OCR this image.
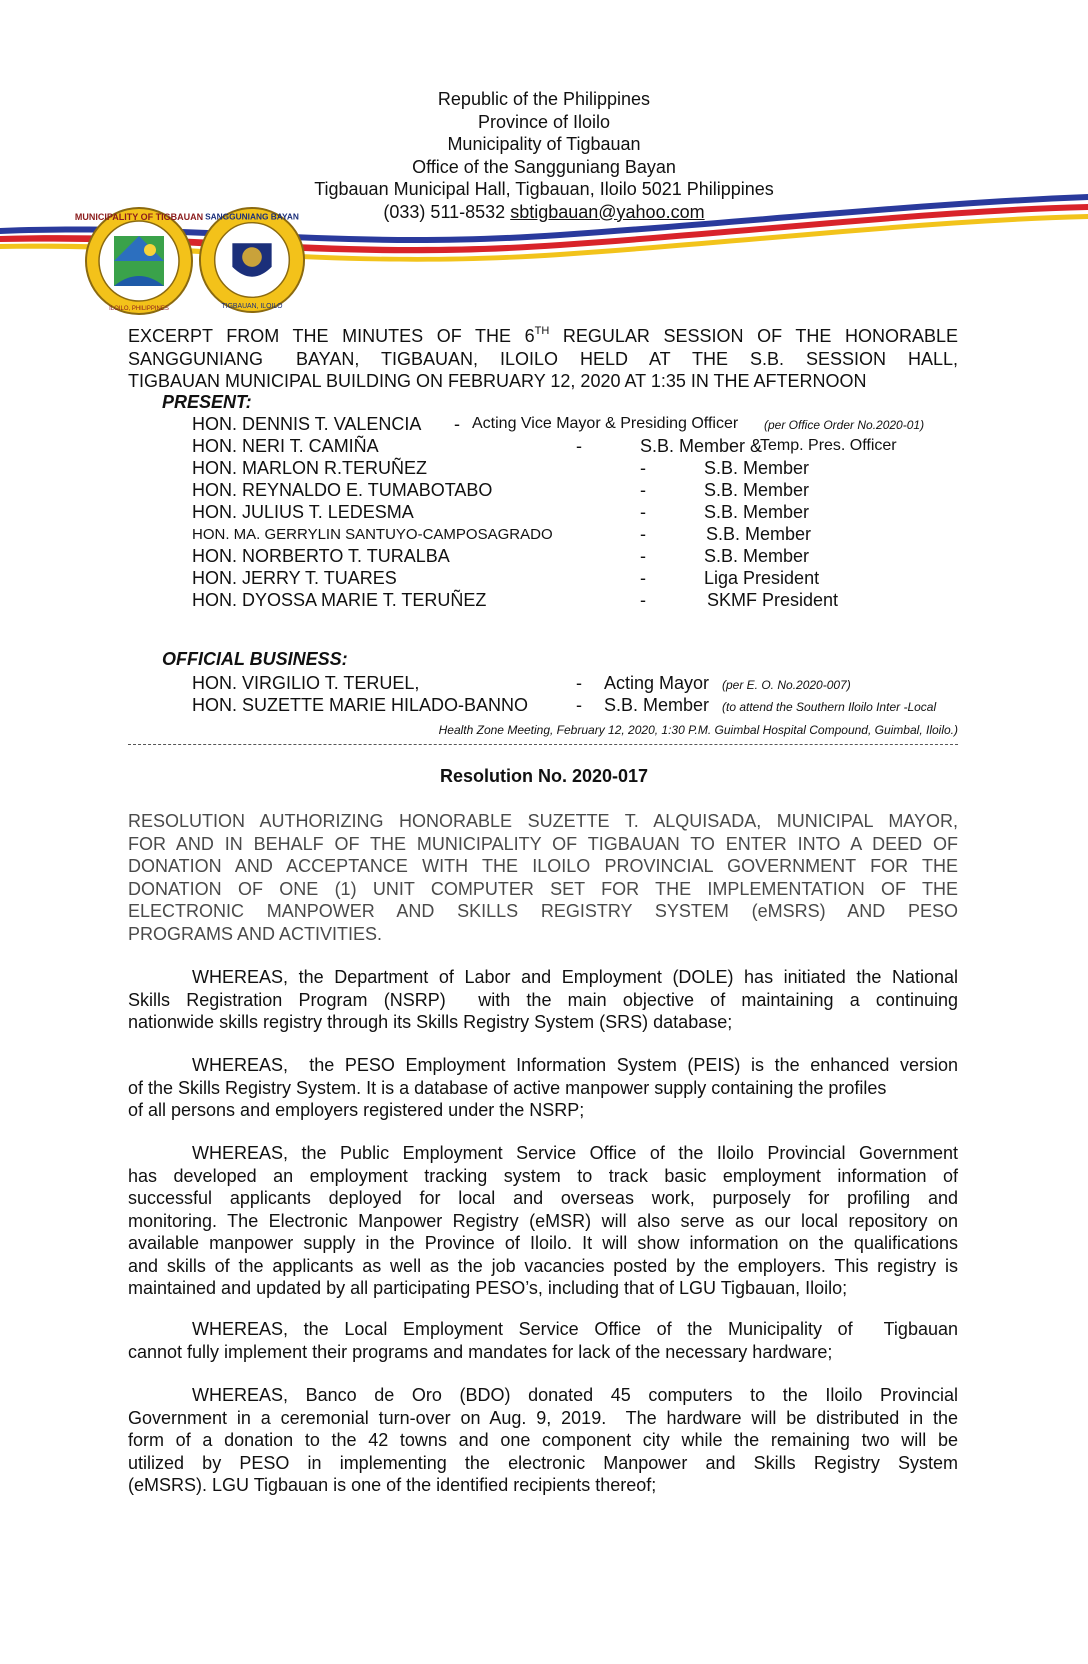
MUNICIPALITY OF TIGBAUAN
ILOILO, PHILIPPINES
SANGGUNIANG BAYAN
TIGBAUAN, ILOILO
Republic of the Philippines
Province of Iloilo
Municipality of Tigbauan
Office of the Sangguniang Bayan
Tigbauan Municipal Hall, Tigbauan, Iloilo 5021 Philippines
(033) 511-8532 sbtigbauan@yahoo.com
EXCERPT FROM THE MINUTES OF THE 6TH REGULAR SESSION OF THE HONORABLE
SANGGUNIANG   BAYAN,  TIGBAUAN,  ILOILO  HELD  AT  THE  S.B.  SESSION  HALL,
TIGBAUAN MUNICIPAL BUILDING ON FEBRUARY 12, 2020 AT 1:35 IN THE AFTERNOON
PRESENT:
HON. DENNIS T. VALENCIA - Acting Vice Mayor & Presiding Officer (per Office Order No.2020-01)
HON. NERI T. CAMIÑA	-	S.B. Member &
Temp. Pres. Officer
HON. MARLON R.TERUÑEZ	-	S.B. Member
HON. REYNALDO E. TUMABOTABO	-	S.B. Member
HON. JULIUS T. LEDESMA	-	S.B. Member
HON. MA. GERRYLIN SANTUYO-CAMPOSAGRADO	-	S.B. Member
HON. NORBERTO T. TURALBA	-	S.B. Member
HON. JERRY T. TUARES	-	Liga President
HON. DYOSSA MARIE T. TERUÑEZ	-	SKMF President
OFFICIAL BUSINESS:
HON. VIRGILIO T. TERUEL,	- Acting Mayor (per E. O. No.2020-007)
HON. SUZETTE MARIE HILADO-BANNO	- S.B. Member (to attend the Southern Iloilo Inter -Local
Health Zone Meeting, February 12, 2020, 1:30 P.M. Guimbal Hospital Compound, Guimbal, Iloilo.)
Resolution No. 2020-017
RESOLUTION AUTHORIZING HONORABLE SUZETTE T. ALQUISADA, MUNICIPAL MAYOR,
FOR AND IN BEHALF OF THE MUNICIPALITY OF TIGBAUAN TO ENTER INTO A DEED OF
DONATION AND ACCEPTANCE WITH THE ILOILO PROVINCIAL GOVERNMENT FOR THE
DONATION OF ONE (1) UNIT COMPUTER SET FOR THE IMPLEMENTATION OF THE
ELECTRONIC MANPOWER AND SKILLS REGISTRY SYSTEM (eMSRS) AND PESO
PROGRAMS AND ACTIVITIES.
WHEREAS, the Department of Labor and Employment (DOLE) has initiated the National
Skills Registration Program (NSRP)  with the main objective of maintaining a continuing
nationwide skills registry through its Skills Registry System (SRS) database;
WHEREAS,  the PESO Employment Information System (PEIS) is the enhanced version
of the Skills Registry System. It is a database of active manpower supply containing the profiles
of all persons and employers registered under the NSRP;
WHEREAS, the Public Employment Service Office of the Iloilo Provincial Government
has developed an employment tracking system to track basic employment information of
successful applicants deployed for local and overseas work, purposely for profiling and
monitoring. The Electronic Manpower Registry (eMSR) will also serve as our local repository on
available manpower supply in the Province of Iloilo. It will show information on the qualifications
and skills of the applicants as well as the job vacancies posted by the employers. This registry is
maintained and updated by all participating PESO’s, including that of LGU Tigbauan, Iloilo;
WHEREAS, the Local Employment Service Office of the Municipality of  Tigbauan
cannot fully implement their programs and mandates for lack of the necessary hardware;
WHEREAS, Banco de Oro (BDO) donated 45 computers to the Iloilo Provincial
Government in a ceremonial turn-over on Aug. 9, 2019.  The hardware will be distributed in the
form of a donation to the 42 towns and one component city while the remaining two will be
utilized by PESO in implementing the electronic Manpower and Skills Registry System
(eMSRS). LGU Tigbauan is one of the identified recipients thereof;
